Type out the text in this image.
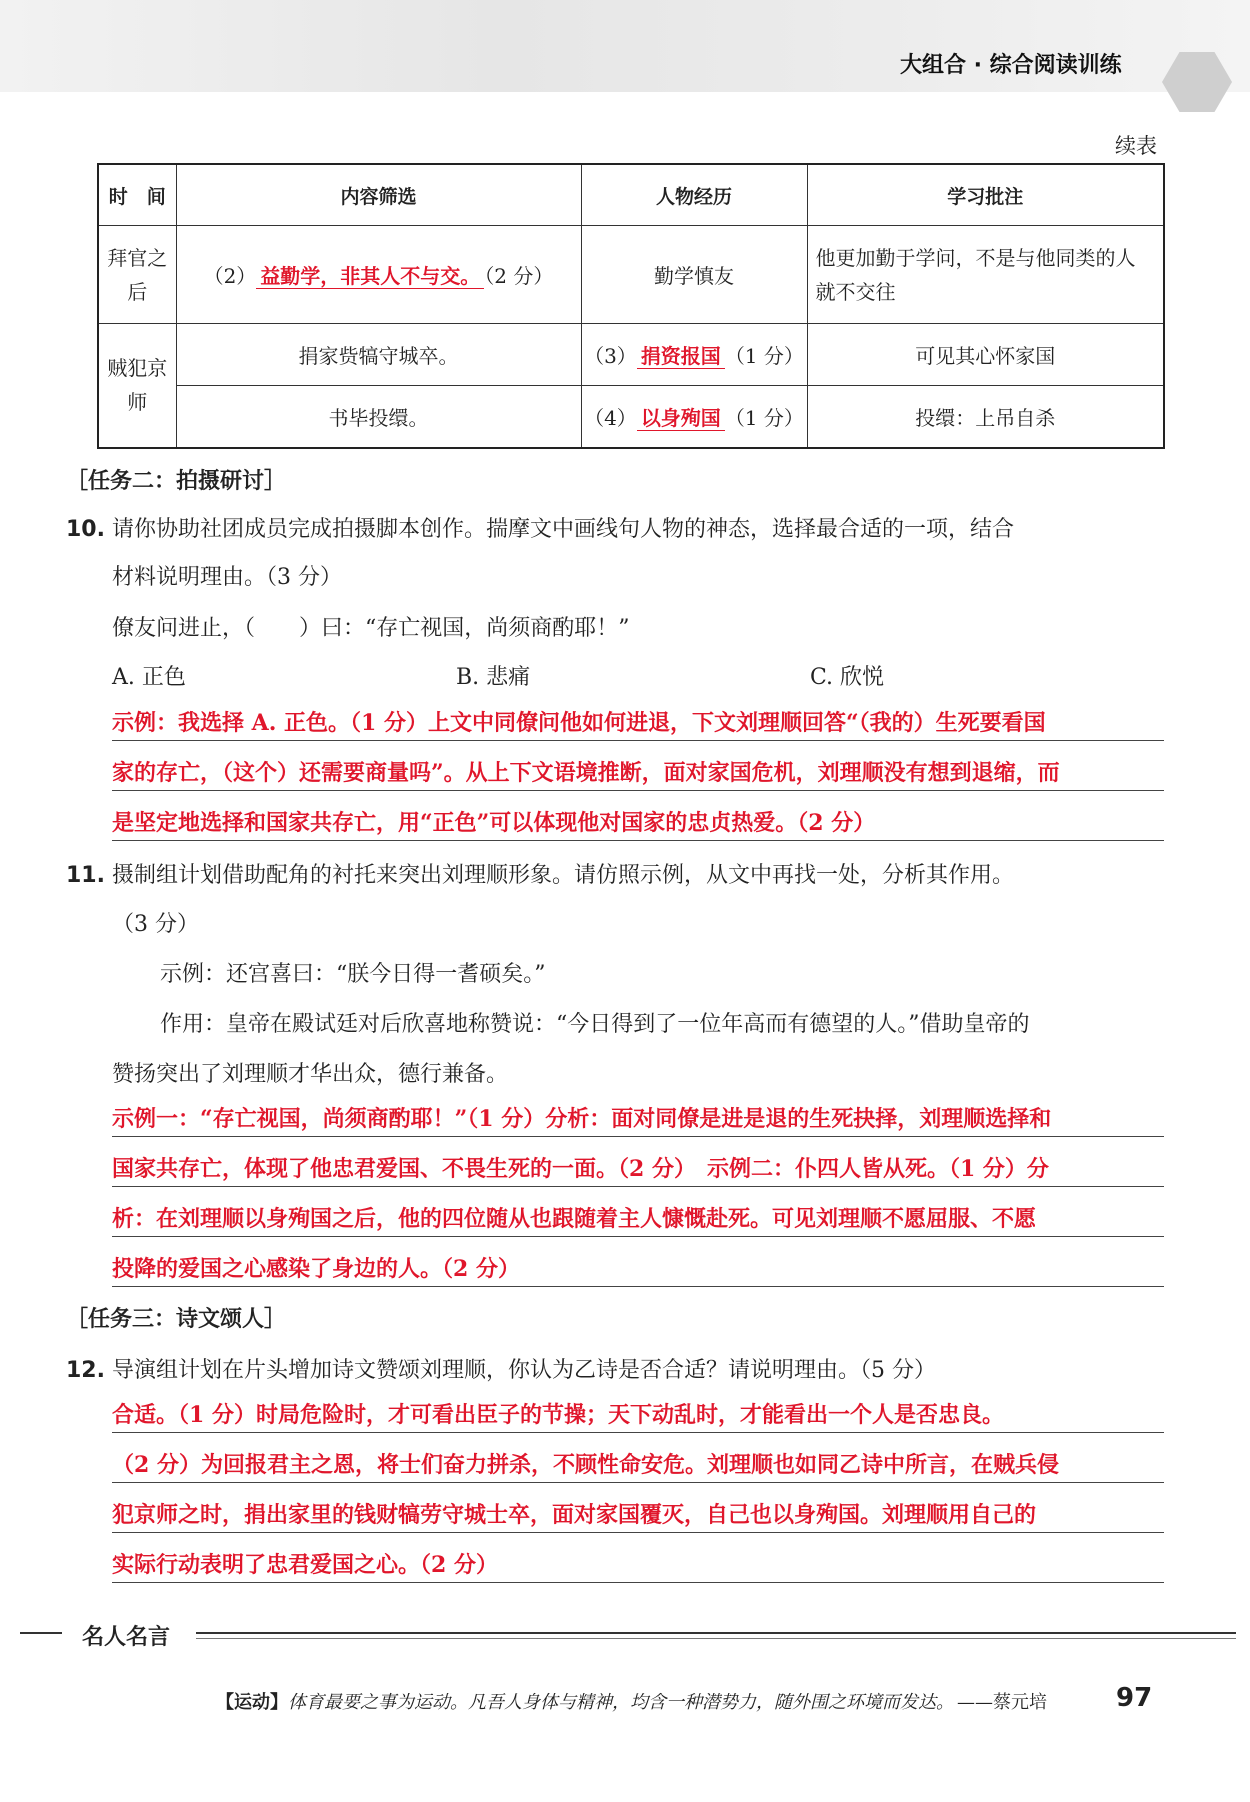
大组合 · 综合阅读训练
续表
时　间	内容筛选	人物经历	学习批注
拜官之后	（2） 益勤学，非其人不与交。 （2 分）	勤学慎友	他更加勤于学问，不是与他同类的人就不交往
贼犯京师	捐家赀犒守城卒。	（3） 捐资报国 （1 分）	可见其心怀家国
	书毕投缳。	（4） 以身殉国 （1 分）	投缳：上吊自杀
［任务二：拍摄研讨］
10. 请你协助社团成员完成拍摄脚本创作。揣摩文中画线句人物的神态，选择最合适的一项，结合
材料说明理由。（3 分）
僚友问进止，（　　）曰：“存亡视国，尚须商酌耶！”
A. 正色	B. 悲痛	C. 欣悦
示例：我选择 A. 正色。（1 分）上文中同僚问他如何进退，下文刘理顺回答“（我的）生死要看国
家的存亡，（这个）还需要商量吗”。从上下文语境推断，面对家国危机，刘理顺没有想到退缩，而
是坚定地选择和国家共存亡，用“正色”可以体现他对国家的忠贞热爱。（2 分）
11. 摄制组计划借助配角的衬托来突出刘理顺形象。请仿照示例，从文中再找一处，分析其作用。
（3 分）
示例：还宫喜曰：“朕今日得一耆硕矣。”
作用：皇帝在殿试廷对后欣喜地称赞说：“今日得到了一位年高而有德望的人。”借助皇帝的
赞扬突出了刘理顺才华出众，德行兼备。
示例一：“存亡视国，尚须商酌耶！”（1 分）分析：面对同僚是进是退的生死抉择，刘理顺选择和
国家共存亡，体现了他忠君爱国、不畏生死的一面。（2 分）　示例二：仆四人皆从死。（1 分）分
析：在刘理顺以身殉国之后，他的四位随从也跟随着主人慷慨赴死。可见刘理顺不愿屈服、不愿
投降的爱国之心感染了身边的人。（2 分）
［任务三：诗文颂人］
12. 导演组计划在片头增加诗文赞颂刘理顺，你认为乙诗是否合适？请说明理由。（5 分）
合适。（1 分）时局危险时，才可看出臣子的节操；天下动乱时，才能看出一个人是否忠良。
（2 分）为回报君主之恩，将士们奋力拼杀，不顾性命安危。刘理顺也如同乙诗中所言，在贼兵侵
犯京师之时，捐出家里的钱财犒劳守城士卒，面对家国覆灭，自己也以身殉国。刘理顺用自己的
实际行动表明了忠君爱国之心。（2 分）
名人名言
【运动】体育最要之事为运动。凡吾人身体与精神，均含一种潜势力，随外围之环境而发达。 ——蔡元培	97
